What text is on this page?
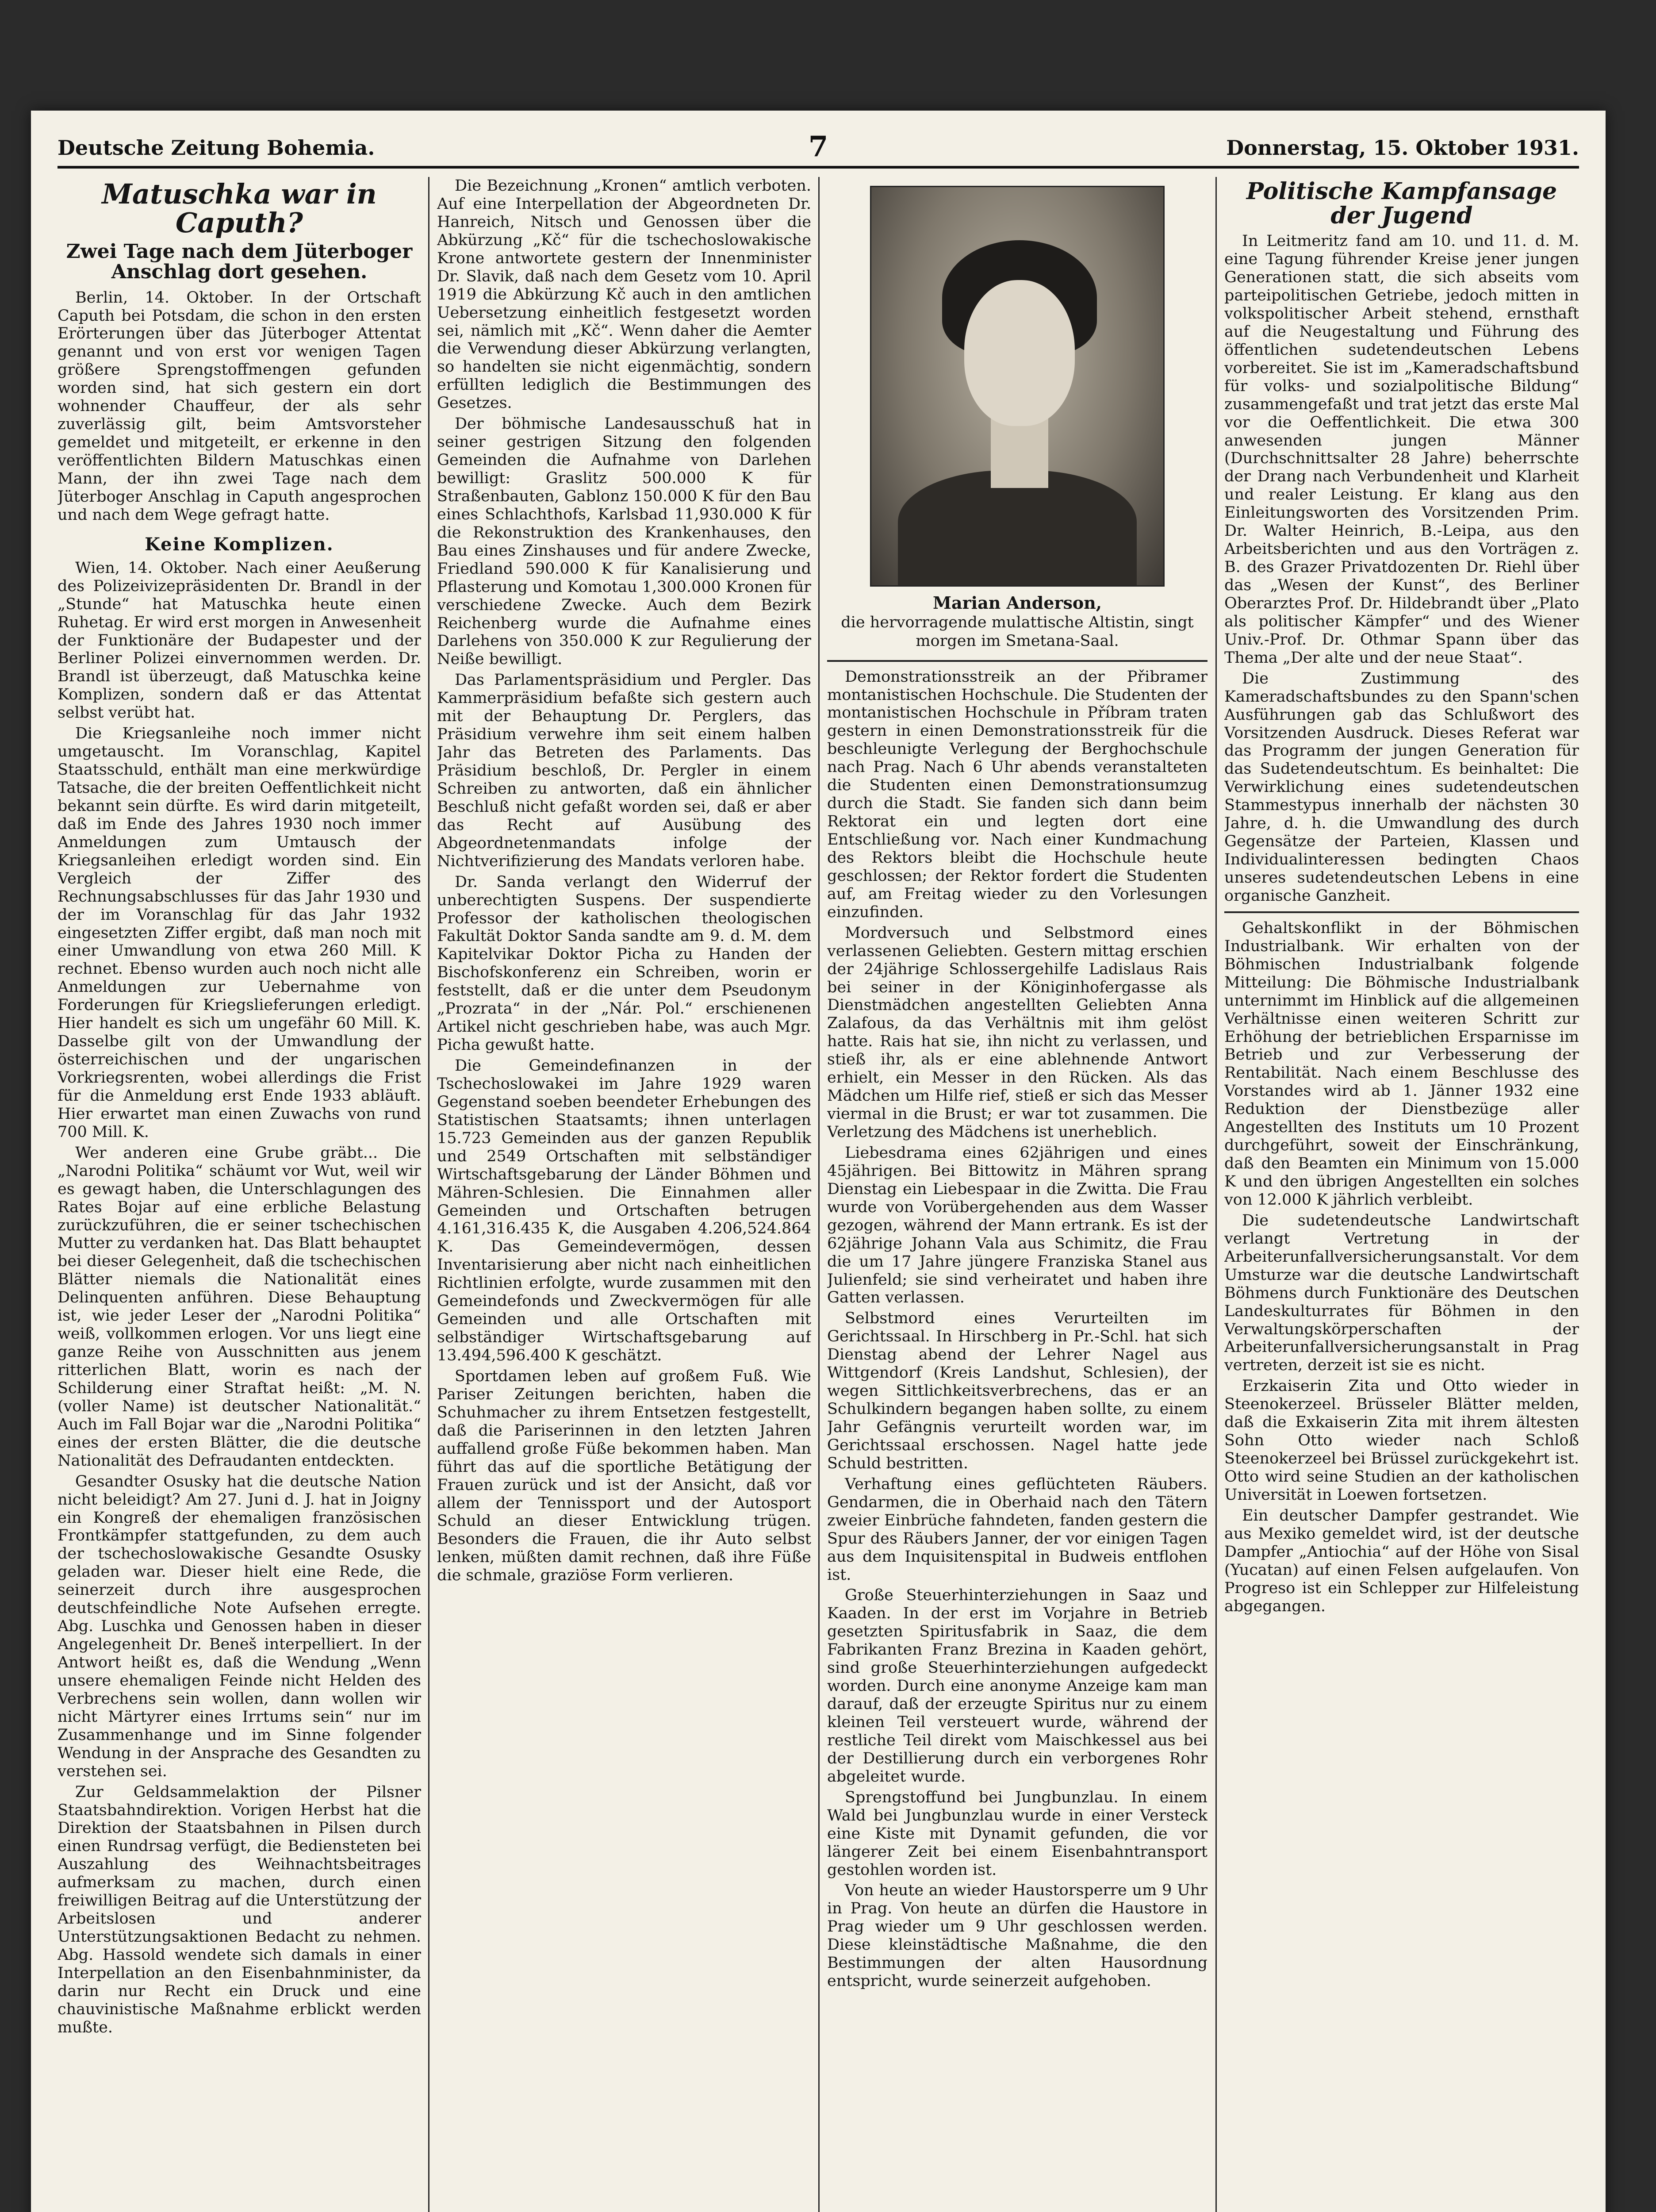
Deutsche Zeitung Bohemia.	7	Donnerstag, 15. Oktober 1931.
Matuschka war in Caputh?
Zwei Tage nach dem Jüterboger Anschlag dort gesehen.

Berlin, 14. Oktober. In der Ortschaft Caputh bei Potsdam, die schon in den ersten Erörterungen über das Jüterboger Attentat genannt und von erst vor wenigen Tagen größere Sprengstoffmengen gefunden worden sind, hat sich gestern ein dort wohnender Chauffeur, der als sehr zuverlässig gilt, beim Amtsvorsteher gemeldet und mitgeteilt, er erkenne in den veröffentlichten Bildern Matuschkas einen Mann, der ihn zwei Tage nach dem Jüterboger Anschlag in Caputh angesprochen und nach dem Wege gefragt hatte.

Keine Komplizen.

Wien, 14. Oktober. Nach einer Aeußerung des Polizeivizepräsidenten Dr. Brandl in der „Stunde“ hat Matuschka heute einen Ruhetag. Er wird erst morgen in Anwesenheit der Funktionäre der Budapester und der Berliner Polizei einvernommen werden. Dr. Brandl ist überzeugt, daß Matuschka keine Komplizen, sondern daß er das Attentat selbst verübt hat.

Die Kriegsanleihe noch immer nicht umgetauscht. Im Voranschlag, Kapitel Staatsschuld, enthält man eine merkwürdige Tatsache, die der breiten Oeffentlichkeit nicht bekannt sein dürfte. Es wird darin mitgeteilt, daß im Ende des Jahres 1930 noch immer Anmeldungen zum Umtausch der Kriegsanleihen erledigt worden sind. Ein Vergleich der Ziffer des Rechnungsabschlusses für das Jahr 1930 und der im Voranschlag für das Jahr 1932 eingesetzten Ziffer ergibt, daß man noch mit einer Umwandlung von etwa 260 Mill. K rechnet. Ebenso wurden auch noch nicht alle Anmeldungen zur Uebernahme von Forderungen für Kriegslieferungen erledigt. Hier handelt es sich um ungefähr 60 Mill. K. Dasselbe gilt von der Umwandlung der österreichischen und der ungarischen Vorkriegsrenten, wobei allerdings die Frist für die Anmeldung erst Ende 1933 abläuft. Hier erwartet man einen Zuwachs von rund 700 Mill. K.

Wer anderen eine Grube gräbt... Die „Narodni Politika“ schäumt vor Wut, weil wir es gewagt haben, die Unterschlagungen des Rates Bojar auf eine erbliche Belastung zurückzuführen, die er seiner tschechischen Mutter zu verdanken hat. Das Blatt behauptet bei dieser Gelegenheit, daß die tschechischen Blätter niemals die Nationalität eines Delinquenten anführen. Diese Behauptung ist, wie jeder Leser der „Narodni Politika“ weiß, vollkommen erlogen. Vor uns liegt eine ganze Reihe von Ausschnitten aus jenem ritterlichen Blatt, worin es nach der Schilderung einer Straftat heißt: „M. N. (voller Name) ist deutscher Nationalität.“ Auch im Fall Bojar war die „Narodni Politika“ eines der ersten Blätter, die die deutsche Nationalität des Defraudanten entdeckten.

Gesandter Osusky hat die deutsche Nation nicht beleidigt? Am 27. Juni d. J. hat in Joigny ein Kongreß der ehemaligen französischen Frontkämpfer stattgefunden, zu dem auch der tschechoslowakische Gesandte Osusky geladen war. Dieser hielt eine Rede, die seinerzeit durch ihre ausgesprochen deutschfeindliche Note Aufsehen erregte. Abg. Luschka und Genossen haben in dieser Angelegenheit Dr. Beneš interpelliert. In der Antwort heißt es, daß die Wendung „Wenn unsere ehemaligen Feinde nicht Helden des Verbrechens sein wollen, dann wollen wir nicht Märtyrer eines Irrtums sein“ nur im Zusammenhange und im Sinne folgender Wendung in der Ansprache des Gesandten zu verstehen sei.

Zur Geldsammelaktion der Pilsner Staatsbahndirektion. Vorigen Herbst hat die Direktion der Staatsbahnen in Pilsen durch einen Rundrsag verfügt, die Bediensteten bei Auszahlung des Weihnachtsbeitrages aufmerksam zu machen, durch einen freiwilligen Beitrag auf die Unterstützung der Arbeitslosen und anderer Unterstützungsaktionen Bedacht zu nehmen. Abg. Hassold wendete sich damals in einer Interpellation an den Eisenbahnminister, da darin nur Recht ein Druck und eine chauvinistische Maßnahme erblickt werden mußte.

Die Bezeichnung „Kronen“ amtlich verboten. Auf eine Interpellation der Abgeordneten Dr. Hanreich, Nitsch und Genossen über die Abkürzung „Kč“ für die tschechoslowakische Krone antwortete gestern der Innenminister Dr. Slavik, daß nach dem Gesetz vom 10. April 1919 die Abkürzung Kč auch in den amtlichen Uebersetzung einheitlich festgesetzt worden sei, nämlich mit „Kč“. Wenn daher die Aemter die Verwendung dieser Abkürzung verlangten, so handelten sie nicht eigenmächtig, sondern erfüllten lediglich die Bestimmungen des Gesetzes.

Der böhmische Landesausschuß hat in seiner gestrigen Sitzung den folgenden Gemeinden die Aufnahme von Darlehen bewilligt: Graslitz 500.000 K für Straßenbauten, Gablonz 150.000 K für den Bau eines Schlachthofs, Karlsbad 11,930.000 K für die Rekonstruktion des Krankenhauses, den Bau eines Zinshauses und für andere Zwecke, Friedland 590.000 K für Kanalisierung und Pflasterung und Komotau 1,300.000 Kronen für verschiedene Zwecke. Auch dem Bezirk Reichenberg wurde die Aufnahme eines Darlehens von 350.000 K zur Regulierung der Neiße bewilligt.

Das Parlamentspräsidium und Pergler. Das Kammerpräsidium befaßte sich gestern auch mit der Behauptung Dr. Perglers, das Präsidium verwehre ihm seit einem halben Jahr das Betreten des Parlaments. Das Präsidium beschloß, Dr. Pergler in einem Schreiben zu antworten, daß ein ähnlicher Beschluß nicht gefaßt worden sei, daß er aber das Recht auf Ausübung des Abgeordnetenmandats infolge der Nichtverifizierung des Mandats verloren habe.

Dr. Sanda verlangt den Widerruf der unberechtigten Suspens. Der suspendierte Professor der katholischen theologischen Fakultät Doktor Sanda sandte am 9. d. M. dem Kapitelvikar Doktor Picha zu Handen der Bischofskonferenz ein Schreiben, worin er feststellt, daß er die unter dem Pseudonym „Prozrata“ in der „Nár. Pol.“ erschienenen Artikel nicht geschrieben habe, was auch Mgr. Picha gewußt hatte.

Die Gemeindefinanzen in der Tschechoslowakei im Jahre 1929 waren Gegenstand soeben beendeter Erhebungen des Statistischen Staatsamts; ihnen unterlagen 15.723 Gemeinden aus der ganzen Republik und 2549 Ortschaften mit selbständiger Wirtschaftsgebarung der Länder Böhmen und Mähren-Schlesien. Die Einnahmen aller Gemeinden und Ortschaften betrugen 4.161,316.435 K, die Ausgaben 4.206,524.864 K. Das Gemeindevermögen, dessen Inventarisierung aber nicht nach einheitlichen Richtlinien erfolgte, wurde zusammen mit den Gemeindefonds und Zweckvermögen für alle Gemeinden und alle Ortschaften mit selbständiger Wirtschaftsgebarung auf 13.494,596.400 K geschätzt.

Sportdamen leben auf großem Fuß. Wie Pariser Zeitungen berichten, haben die Schuhmacher zu ihrem Entsetzen festgestellt, daß die Pariserinnen in den letzten Jahren auffallend große Füße bekommen haben. Man führt das auf die sportliche Betätigung der Frauen zurück und ist der Ansicht, daß vor allem der Tennissport und der Autosport Schuld an dieser Entwicklung trügen. Besonders die Frauen, die ihr Auto selbst lenken, müßten damit rechnen, daß ihre Füße die schmale, graziöse Form verlieren.

Marian Anderson,
die hervorragende mulattische Altistin, singt morgen im Smetana-Saal.

Demonstrationsstreik an der Přibramer montanistischen Hochschule. Die Studenten der montanistischen Hochschule in Příbram traten gestern in einen Demonstrationsstreik für die beschleunigte Verlegung der Berghochschule nach Prag. Nach 6 Uhr abends veranstalteten die Studenten einen Demonstrationsumzug durch die Stadt. Sie fanden sich dann beim Rektorat ein und legten dort eine Entschließung vor. Nach einer Kundmachung des Rektors bleibt die Hochschule heute geschlossen; der Rektor fordert die Studenten auf, am Freitag wieder zu den Vorlesungen einzufinden.

Mordversuch und Selbstmord eines verlassenen Geliebten. Gestern mittag erschien der 24jährige Schlossergehilfe Ladislaus Rais bei seiner in der Königinhofergasse als Dienstmädchen angestellten Geliebten Anna Zalafous, da das Verhältnis mit ihm gelöst hatte. Rais hat sie, ihn nicht zu verlassen, und stieß ihr, als er eine ablehnende Antwort erhielt, ein Messer in den Rücken. Als das Mädchen um Hilfe rief, stieß er sich das Messer viermal in die Brust; er war tot zusammen. Die Verletzung des Mädchens ist unerheblich.

Liebesdrama eines 62jährigen und eines 45jährigen. Bei Bittowitz in Mähren sprang Dienstag ein Liebespaar in die Zwitta. Die Frau wurde von Vorübergehenden aus dem Wasser gezogen, während der Mann ertrank. Es ist der 62jährige Johann Vala aus Schimitz, die Frau die um 17 Jahre jüngere Franziska Stanel aus Julienfeld; sie sind verheiratet und haben ihre Gatten verlassen.

Selbstmord eines Verurteilten im Gerichtssaal. In Hirschberg in Pr.-Schl. hat sich Dienstag abend der Lehrer Nagel aus Wittgendorf (Kreis Landshut, Schlesien), der wegen Sittlichkeitsverbrechens, das er an Schulkindern begangen haben sollte, zu einem Jahr Gefängnis verurteilt worden war, im Gerichtssaal erschossen. Nagel hatte jede Schuld bestritten.

Verhaftung eines geflüchteten Räubers. Gendarmen, die in Oberhaid nach den Tätern zweier Einbrüche fahndeten, fanden gestern die Spur des Räubers Janner, der vor einigen Tagen aus dem Inquisitenspital in Budweis entflohen ist.

Große Steuerhinterziehungen in Saaz und Kaaden. In der erst im Vorjahre in Betrieb gesetzten Spiritusfabrik in Saaz, die dem Fabrikanten Franz Brezina in Kaaden gehört, sind große Steuerhinterziehungen aufgedeckt worden. Durch eine anonyme Anzeige kam man darauf, daß der erzeugte Spiritus nur zu einem kleinen Teil versteuert wurde, während der restliche Teil direkt vom Maischkessel aus bei der Destillierung durch ein verborgenes Rohr abgeleitet wurde.

Sprengstoffund bei Jungbunzlau. In einem Wald bei Jungbunzlau wurde in einer Versteck eine Kiste mit Dynamit gefunden, die vor längerer Zeit bei einem Eisenbahntransport gestohlen worden ist.

Von heute an wieder Haustorsperre um 9 Uhr in Prag. Von heute an dürfen die Haustore in Prag wieder um 9 Uhr geschlossen werden. Diese kleinstädtische Maßnahme, die den Bestimmungen der alten Hausordnung entspricht, wurde seinerzeit aufgehoben.

Politische Kampfansage der Jugend

In Leitmeritz fand am 10. und 11. d. M. eine Tagung führender Kreise jener jungen Generationen statt, die sich abseits vom parteipolitischen Getriebe, jedoch mitten in volkspolitischer Arbeit stehend, ernsthaft auf die Neugestaltung und Führung des öffentlichen sudetendeutschen Lebens vorbereitet. Sie ist im „Kameradschaftsbund für volks- und sozialpolitische Bildung“ zusammengefaßt und trat jetzt das erste Mal vor die Oeffentlichkeit. Die etwa 300 anwesenden jungen Männer (Durchschnittsalter 28 Jahre) beherrschte der Drang nach Verbundenheit und Klarheit und realer Leistung. Er klang aus den Einleitungsworten des Vorsitzenden Prim. Dr. Walter Heinrich, B.-Leipa, aus den Arbeitsberichten und aus den Vorträgen z. B. des Grazer Privatdozenten Dr. Riehl über das „Wesen der Kunst“, des Berliner Oberarztes Prof. Dr. Hildebrandt über „Plato als politischer Kämpfer“ und des Wiener Univ.-Prof. Dr. Othmar Spann über das Thema „Der alte und der neue Staat“.

Die Zustimmung des Kameradschaftsbundes zu den Spann'schen Ausführungen gab das Schlußwort des Vorsitzenden Ausdruck. Dieses Referat war das Programm der jungen Generation für das Sudetendeutschtum. Es beinhaltet: Die Verwirklichung eines sudetendeutschen Stammestypus innerhalb der nächsten 30 Jahre, d. h. die Umwandlung des durch Gegensätze der Parteien, Klassen und Individualinteressen bedingten Chaos unseres sudetendeutschen Lebens in eine organische Ganzheit.

Gehaltskonflikt in der Böhmischen Industrialbank. Wir erhalten von der Böhmischen Industrialbank folgende Mitteilung: Die Böhmische Industrialbank unternimmt im Hinblick auf die allgemeinen Verhältnisse einen weiteren Schritt zur Erhöhung der betrieblichen Ersparnisse im Betrieb und zur Verbesserung der Rentabilität. Nach einem Beschlusse des Vorstandes wird ab 1. Jänner 1932 eine Reduktion der Dienstbezüge aller Angestellten des Instituts um 10 Prozent durchgeführt, soweit der Einschränkung, daß den Beamten ein Minimum von 15.000 K und den übrigen Angestellten ein solches von 12.000 K jährlich verbleibt.

Die sudetendeutsche Landwirtschaft verlangt Vertretung in der Arbeiterunfallversicherungsanstalt. Vor dem Umsturze war die deutsche Landwirtschaft Böhmens durch Funktionäre des Deutschen Landeskulturrates für Böhmen in den Verwaltungskörperschaften der Arbeiterunfallversicherungsanstalt in Prag vertreten, derzeit ist sie es nicht.

Erzkaiserin Zita und Otto wieder in Steenokerzeel. Brüsseler Blätter melden, daß die Exkaiserin Zita mit ihrem ältesten Sohn Otto wieder nach Schloß Steenokerzeel bei Brüssel zurückgekehrt ist. Otto wird seine Studien an der katholischen Universität in Loewen fortsetzen.

Ein deutscher Dampfer gestrandet. Wie aus Mexiko gemeldet wird, ist der deutsche Dampfer „Antiochia“ auf der Höhe von Sisal (Yucatan) auf einen Felsen aufgelaufen. Von Progreso ist ein Schlepper zur Hilfeleistung abgegangen.
